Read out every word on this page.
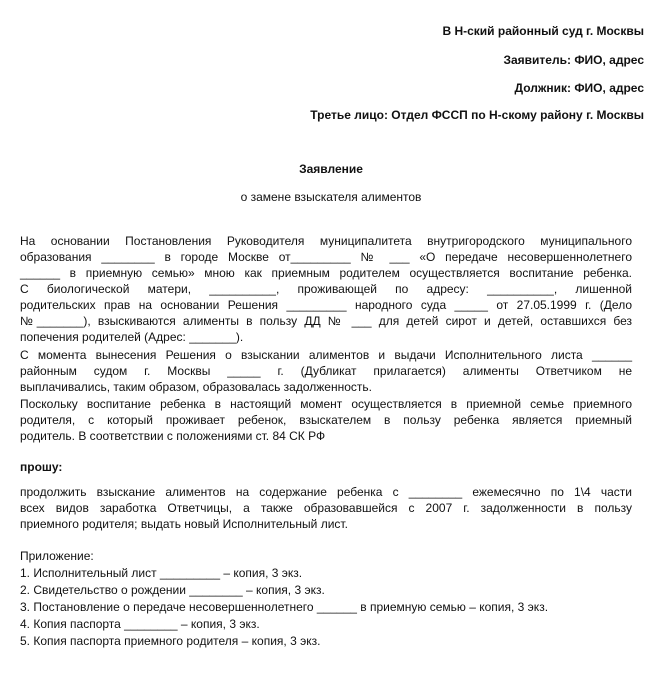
В Н-ский районный суд г. Москвы
Заявитель: ФИО, адрес
Должник: ФИО, адрес
Третье лицо: Отдел ФССП по Н-скому району г. Москвы
Заявление
о замене взыскателя алиментов
На основании Постановления Руководителя муниципалитета внутригородского муниципального
образования ________ в городе Москве от_________ № ___ «О передаче несовершеннолетнего
______ в приемную семью» мною как приемным родителем осуществляется воспитание ребенка.
С биологической матери, __________, проживающей по адресу: __________, лишенной
родительских прав на основании Решения _________ народного суда _____ от 27.05.1999 г. (Дело
№_______), взыскиваются алименты в пользу ДД № ___ для детей сирот и детей, оставшихся без
попечения родителей (Адрес: _______).
С момента вынесения Решения о взыскании алиментов и выдачи Исполнительного листа ______
районным судом г. Москвы _____ г. (Дубликат прилагается) алименты Ответчиком не
выплачивались, таким образом, образовалась задолженность.
Поскольку воспитание ребенка в настоящий момент осуществляется в приемной семье приемного
родителя, с который проживает ребенок, взыскателем в пользу ребенка является приемный
родитель. В соответствии с положениями ст. 84 СК РФ
прошу:
продолжить взыскание алиментов на содержание ребенка с ________ ежемесячно по 1\4 части
всех видов заработка Ответчицы, а также образовавшейся с 2007 г. задолженности в пользу
приемного родителя; выдать новый Исполнительный лист.
Приложение:
1. Исполнительный лист _________ – копия, 3 экз.
2. Свидетельство о рождении ________ – копия, 3 экз.
3. Постановление о передаче несовершеннолетнего ______ в приемную семью – копия, 3 экз.
4. Копия паспорта ________ – копия, 3 экз.
5. Копия паспорта приемного родителя – копия, 3 экз.
